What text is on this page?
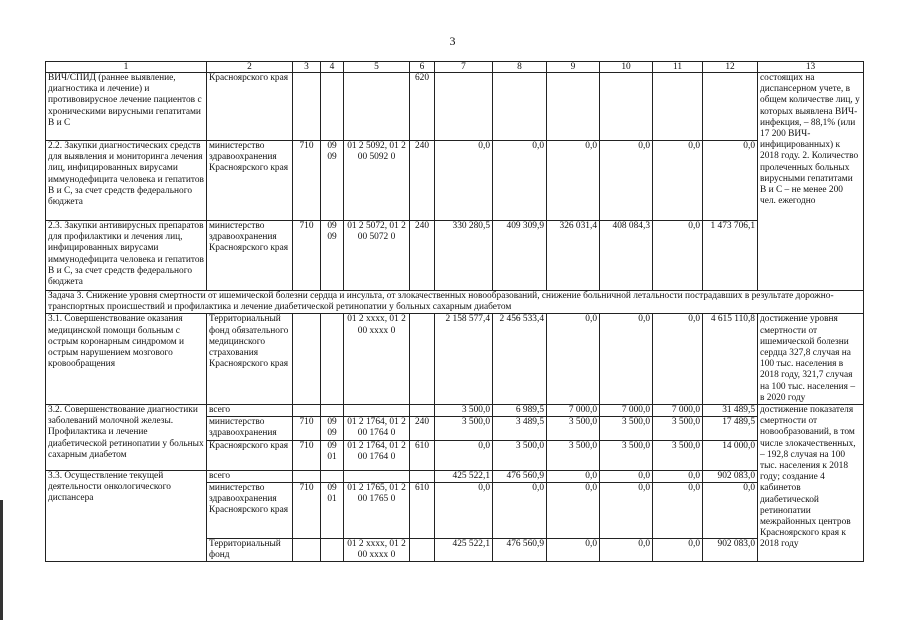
3
1	2	3	4	5	6	7	8	9	10	11	12	13
ВИЧ/СПИД (раннее выявление, диагностика и лечение) и противовирусное лечение пациентов с хроническими вирусными гепатитами В и С	Красноярского края				620							состоящих на диспансерном учете, в общем количестве лиц, у которых выявлена ВИЧ-инфекция, – 88,1% (или 17 200 ВИЧ-инфицированных) к 2018 году. 2. Количество пролеченных больных вирусными гепатитами В и С – не менее 200 чел. ежегодно
2.2. Закупки диагностических средств для выявления и мониторинга лечения лиц, инфицированных вирусами иммунодефицита человека и гепатитов В и С, за счет средств федерального бюджета	министерство здравоохранения Красноярского края	710	09 09	01 2 5092, 01 2 00 5092 0	240	0,0	0,0	0,0	0,0	0,0	0,0	
2.3. Закупки антивирусных препаратов для профилактики и лечения лиц, инфицированных вирусами иммунодефицита человека и гепатитов В и С, за счет средств федерального бюджета	министерство здравоохранения Красноярского края	710	09 09	01 2 5072, 01 2 00 5072 0	240	330 280,5	409 309,9	326 031,4	408 084,3	0,0	1 473 706,1	
Задача 3. Снижение уровня смертности от ишемической болезни сердца и инсульта, от злокачественных новообразований, снижение больничной летальности пострадавших в результате дорожно-транспортных происшествий и профилактика и лечение диабетической ретинопатии у больных сахарным диабетом												
3.1. Совершенствование оказания медицинской помощи больным с острым коронарным синдромом и острым нарушением мозгового кровообращения	Территориальный фонд обязательного медицинского страхования Красноярского края			01 2 хххх, 01 2 00 хххх 0		2 158 577,4	2 456 533,4	0,0	0,0	0,0	4 615 110,8	достижение уровня смертности от ишемической болезни сердца 327,8 случая на 100 тыс. населения в 2018 году, 321,7 случая на 100 тыс. населения – в 2020 году
3.2. Совершенствование диагностики заболеваний молочной железы. Профилактика и лечение диабетической ретинопатии у больных сахарным диабетом	всего					3 500,0	6 989,5	7 000,0	7 000,0	7 000,0	31 489,5	достижение показателя смертности от новообразований, в том числе злокачественных, – 192,8 случая на 100 тыс. населения к 2018 году; создание 4 кабинетов диабетической ретинопатии межрайонных центров Красноярского края к 2018 году
	министерство здравоохранения	710	09 09	01 2 1764, 01 2 00 1764 0	240	3 500,0	3 489,5	3 500,0	3 500,0	3 500,0	17 489,5	
	Красноярского края	710	09 01	01 2 1764, 01 2 00 1764 0	610	0,0	3 500,0	3 500,0	3 500,0	3 500,0	14 000,0	
3.3. Осуществление текущей деятельности онкологического диспансера	всего					425 522,1	476 560,9	0,0	0,0	0,0	902 083,0	
	министерство здравоохранения Красноярского края	710	09 01	01 2 1765, 01 2 00 1765 0	610	0,0	0,0	0,0	0,0	0,0	0,0	
	Территориальный фонд			01 2 хххх, 01 2 00 хххх 0		425 522,1	476 560,9	0,0	0,0	0,0	902 083,0	
